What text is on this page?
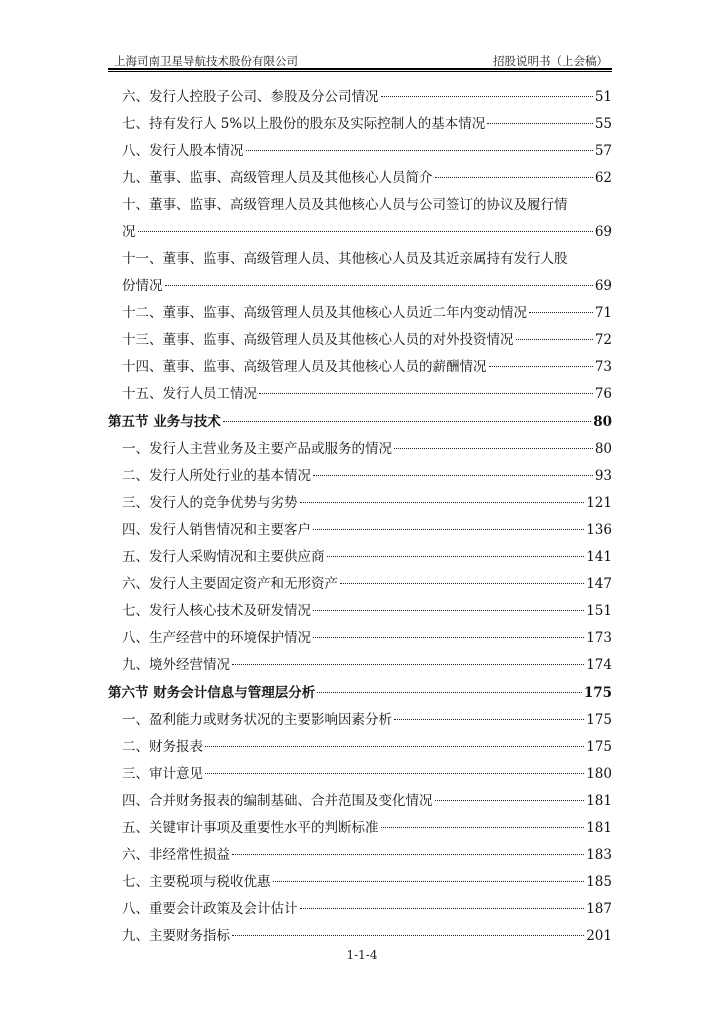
上海司南卫星导航技术股份有限公司	招股说明书（上会稿）
六、发行人控股子公司、参股及分公司情况	51
七、持有发行人 5%以上股份的股东及实际控制人的基本情况	55
八、发行人股本情况	57
九、董事、监事、高级管理人员及其他核心人员简介	62
十、董事、监事、高级管理人员及其他核心人员与公司签订的协议及履行情
况	69
十一、董事、监事、高级管理人员、其他核心人员及其近亲属持有发行人股
份情况	69
十二、董事、监事、高级管理人员及其他核心人员近二年内变动情况	71
十三、董事、监事、高级管理人员及其他核心人员的对外投资情况	72
十四、董事、监事、高级管理人员及其他核心人员的薪酬情况	73
十五、发行人员工情况	76
第五节 业务与技术	80
一、发行人主营业务及主要产品或服务的情况	80
二、发行人所处行业的基本情况	93
三、发行人的竞争优势与劣势	121
四、发行人销售情况和主要客户	136
五、发行人采购情况和主要供应商	141
六、发行人主要固定资产和无形资产	147
七、发行人核心技术及研发情况	151
八、生产经营中的环境保护情况	173
九、境外经营情况	174
第六节 财务会计信息与管理层分析	175
一、盈利能力或财务状况的主要影响因素分析	175
二、财务报表	175
三、审计意见	180
四、合并财务报表的编制基础、合并范围及变化情况	181
五、关键审计事项及重要性水平的判断标准	181
六、非经常性损益	183
七、主要税项与税收优惠	185
八、重要会计政策及会计估计	187
九、主要财务指标	201
1-1-4
